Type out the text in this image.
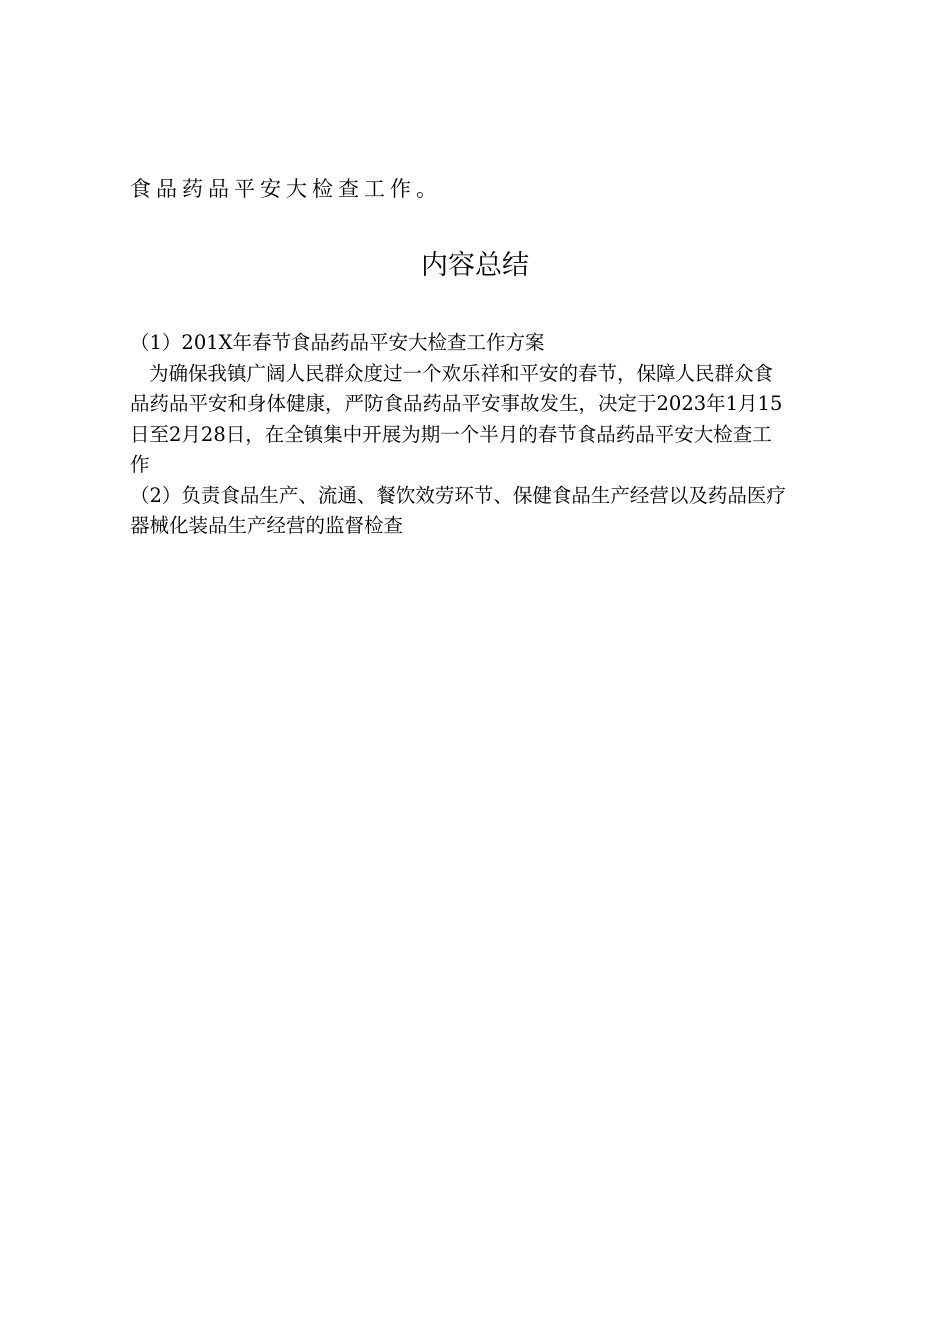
食品药品平安大检查工作。
内容总结
（1）201X年春节食品药品平安大检查工作方案
为确保我镇广阔人民群众度过一个欢乐祥和平安的春节，保障人民群众食
品药品平安和身体健康，严防食品药品平安事故发生，决定于2023年1月15
日至2月28日，在全镇集中开展为期一个半月的春节食品药品平安大检查工
作
（2）负责食品生产、流通、餐饮效劳环节、保健食品生产经营以及药品医疗
器械化装品生产经营的监督检查
